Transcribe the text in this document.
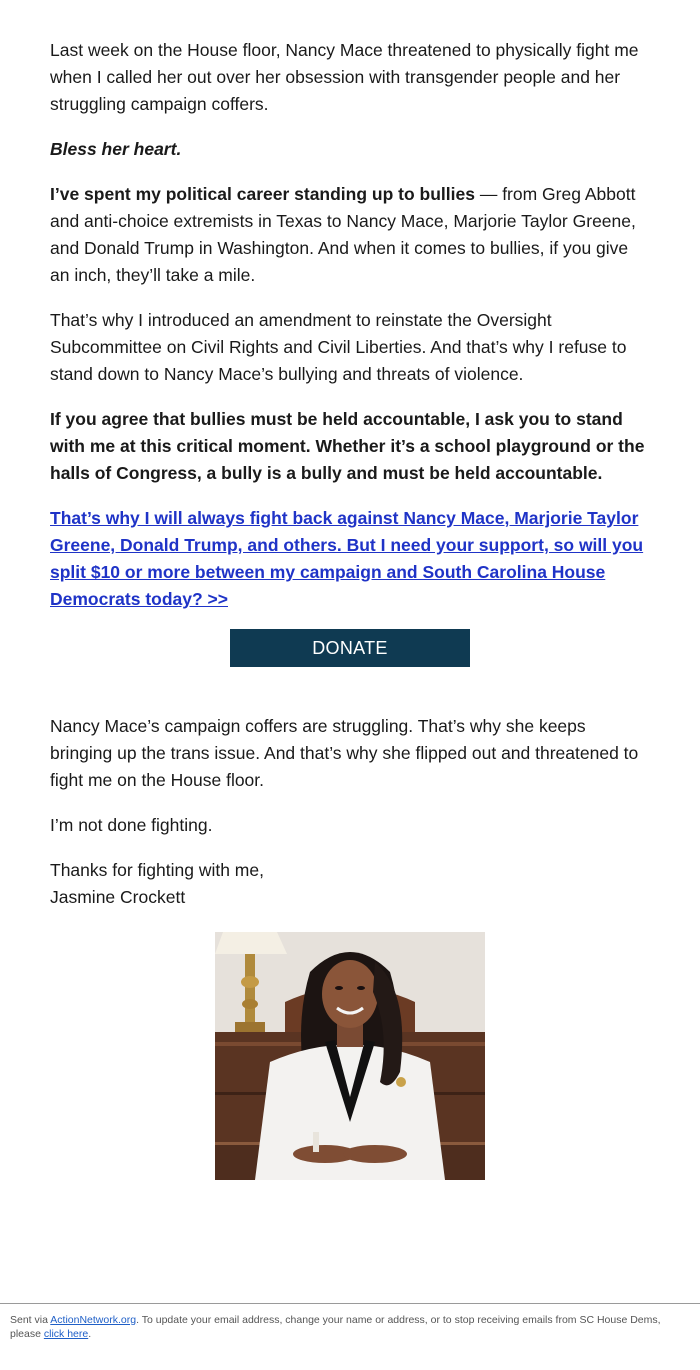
Last week on the House floor, Nancy Mace threatened to physically fight me when I called her out over her obsession with transgender people and her struggling campaign coffers.

Bless her heart.

I’ve spent my political career standing up to bullies — from Greg Abbott and anti-choice extremists in Texas to Nancy Mace, Marjorie Taylor Greene, and Donald Trump in Washington. And when it comes to bullies, if you give an inch, they’ll take a mile.

That’s why I introduced an amendment to reinstate the Oversight Subcommittee on Civil Rights and Civil Liberties. And that’s why I refuse to stand down to Nancy Mace’s bullying and threats of violence.

If you agree that bullies must be held accountable, I ask you to stand with me at this critical moment. Whether it’s a school playground or the halls of Congress, a bully is a bully and must be held accountable.

That’s why I will always fight back against Nancy Mace, Marjorie Taylor Greene, Donald Trump, and others. But I need your support, so will you split $10 or more between my campaign and South Carolina House Democrats today? >>

DONATE

Nancy Mace’s campaign coffers are struggling. That’s why she keeps bringing up the trans issue. And that’s why she flipped out and threatened to fight me on the House floor.

I’m not done fighting.

Thanks for fighting with me,

Jasmine Crockett

Sent via ActionNetwork.org. To update your email address, change your name or address, or to stop receiving emails from SC House Dems, please click here.
